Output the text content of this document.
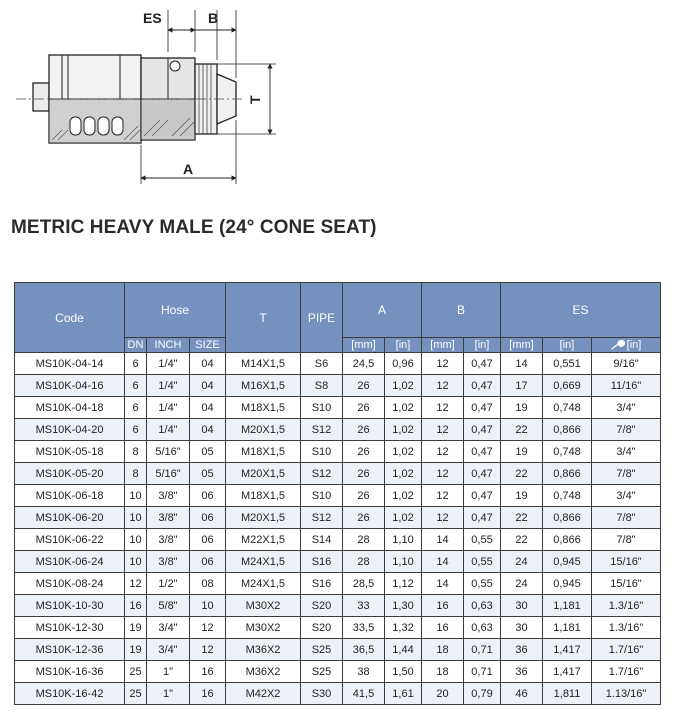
ES	B
T
A
METRIC HEAVY MALE (24° CONE SEAT)
Code	Hose			T	PIPE	A		B		ES		
	DN	INCH	SIZE			[mm]	[in]	[mm]	[in]	[mm]	[in]	[in]
MS10K-04-14	6	1/4"	04	M14X1,5	S6	24,5	0,96	12	0,47	14	0,551	9/16"
MS10K-04-16	6	1/4"	04	M16X1,5	S8	26	1,02	12	0,47	17	0,669	11/16"
MS10K-04-18	6	1/4"	04	M18X1,5	S10	26	1,02	12	0,47	19	0,748	3/4"
MS10K-04-20	6	1/4"	04	M20X1,5	S12	26	1,02	12	0,47	22	0,866	7/8"
MS10K-05-18	8	5/16"	05	M18X1,5	S10	26	1,02	12	0,47	19	0,748	3/4"
MS10K-05-20	8	5/16"	05	M20X1,5	S12	26	1,02	12	0,47	22	0,866	7/8"
MS10K-06-18	10	3/8"	06	M18X1,5	S10	26	1,02	12	0,47	19	0,748	3/4"
MS10K-06-20	10	3/8"	06	M20X1,5	S12	26	1,02	12	0,47	22	0,866	7/8"
MS10K-06-22	10	3/8"	06	M22X1,5	S14	28	1,10	14	0,55	22	0,866	7/8"
MS10K-06-24	10	3/8"	06	M24X1,5	S16	28	1,10	14	0,55	24	0,945	15/16"
MS10K-08-24	12	1/2"	08	M24X1,5	S16	28,5	1,12	14	0,55	24	0,945	15/16"
MS10K-10-30	16	5/8"	10	M30X2	S20	33	1,30	16	0,63	30	1,181	1.3/16"
MS10K-12-30	19	3/4"	12	M30X2	S20	33,5	1,32	16	0,63	30	1,181	1.3/16"
MS10K-12-36	19	3/4"	12	M36X2	S25	36,5	1,44	18	0,71	36	1,417	1.7/16"
MS10K-16-36	25	1"	16	M36X2	S25	38	1,50	18	0,71	36	1,417	1.7/16"
MS10K-16-42	25	1"	16	M42X2	S30	41,5	1,61	20	0,79	46	1,811	1.13/16"
